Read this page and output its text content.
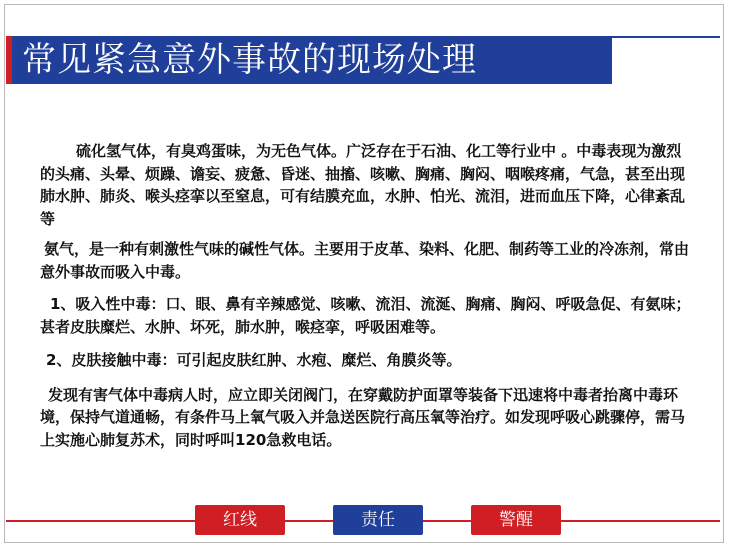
常见紧急意外事故的现场处理

硫化氢气体，有臭鸡蛋味，为无色气体。广泛存在于石油、化工等行业中 。中毒表现为激烈的头痛、头晕、烦躁、谵妄、疲惫、昏迷、抽搐、咳嗽、胸痛、胸闷、咽喉疼痛，气急，甚至出现肺水肿、肺炎、喉头痉挛以至窒息，可有结膜充血，水肿、怕光、流泪，进而血压下降，心律紊乱等

氨气，是一种有刺激性气味的碱性气体。主要用于皮革、染料、化肥、制药等工业的冷冻剂，常由意外事故而吸入中毒。

1、吸入性中毒：口、眼、鼻有辛辣感觉、咳嗽、流泪、流涎、胸痛、胸闷、呼吸急促、有氨味；甚者皮肤糜烂、水肿、坏死，肺水肿，喉痉挛，呼吸困难等。

2、皮肤接触中毒：可引起皮肤红肿、水疱、糜烂、角膜炎等。

发现有害气体中毒病人时，应立即关闭阀门，在穿戴防护面罩等装备下迅速将中毒者抬离中毒环境，保持气道通畅，有条件马上氧气吸入并急送医院行高压氧等治疗。如发现呼吸心跳骤停，需马上实施心肺复苏术，同时呼叫120急救电话。

红线	责任	警醒
